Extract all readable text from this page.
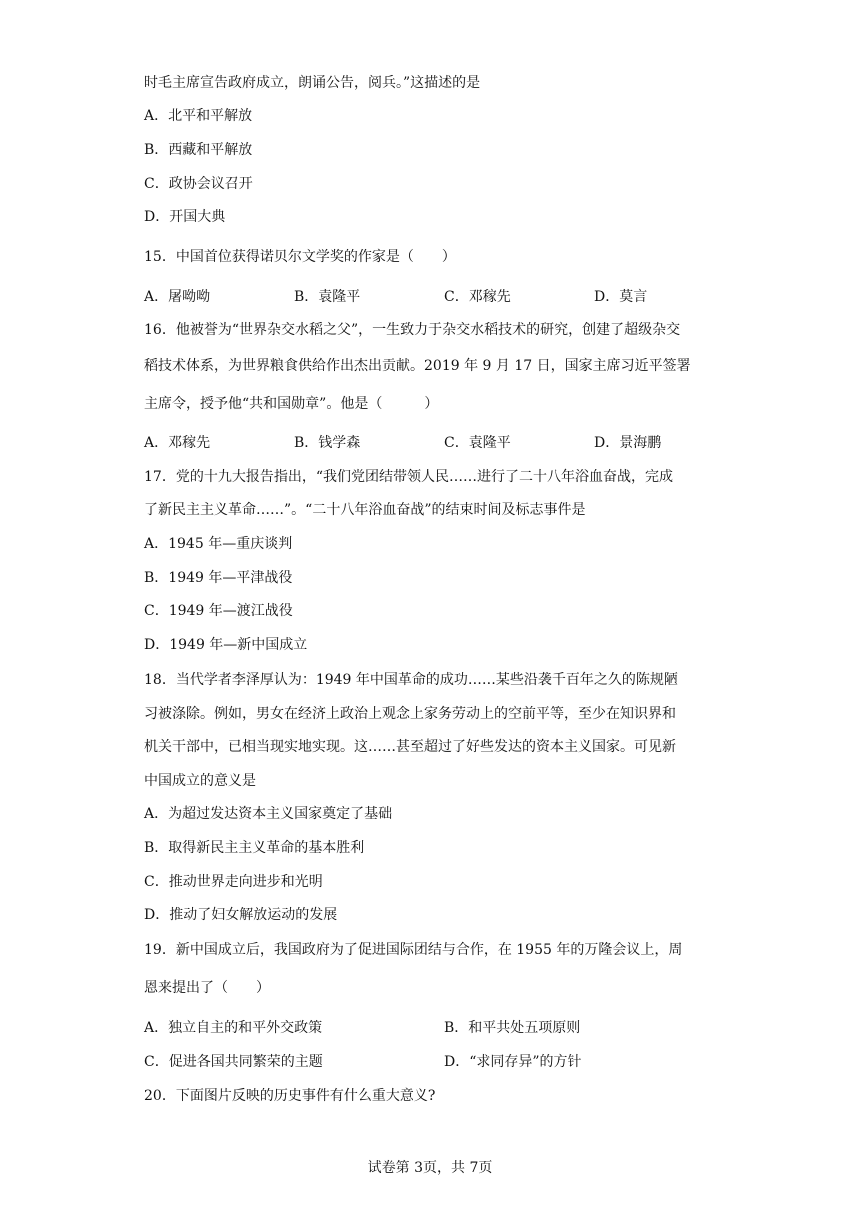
时毛主席宣告政府成立，朗诵公告，阅兵。”这描述的是
A．北平和平解放
B．西藏和平解放
C．政协会议召开
D．开国大典
15．中国首位获得诺贝尔文学奖的作家是（　　）
A．屠呦呦	B．袁隆平	C．邓稼先	D．莫言
16．他被誉为“世界杂交水稻之父”，一生致力于杂交水稻技术的研究，创建了超级杂交
稻技术体系，为世界粮食供给作出杰出贡献。2019 年 9 月 17 日，国家主席习近平签署
主席令，授予他“共和国勋章”。他是（　　　）
A．邓稼先	B．钱学森	C．袁隆平	D．景海鹏
17．党的十九大报告指出，“我们党团结带领人民……进行了二十八年浴血奋战，完成
了新民主主义革命……”。“二十八年浴血奋战”的结束时间及标志事件是
A．1945 年—重庆谈判
B．1949 年—平津战役
C．1949 年—渡江战役
D．1949 年—新中国成立
18．当代学者李泽厚认为：1949 年中国革命的成功……某些沿袭千百年之久的陈规陋
习被涤除。例如，男女在经济上政治上观念上家务劳动上的空前平等，至少在知识界和
机关干部中，已相当现实地实现。这……甚至超过了好些发达的资本主义国家。可见新
中国成立的意义是
A．为超过发达资本主义国家奠定了基础
B．取得新民主主义革命的基本胜利
C．推动世界走向进步和光明
D．推动了妇女解放运动的发展
19．新中国成立后，我国政府为了促进国际团结与合作，在 1955 年的万隆会议上，周
恩来提出了（　　）
A．独立自主的和平外交政策	B．和平共处五项原则
C．促进各国共同繁荣的主题	D．“求同存异”的方针
20．下面图片反映的历史事件有什么重大意义?
试卷第 3页，共 7页
